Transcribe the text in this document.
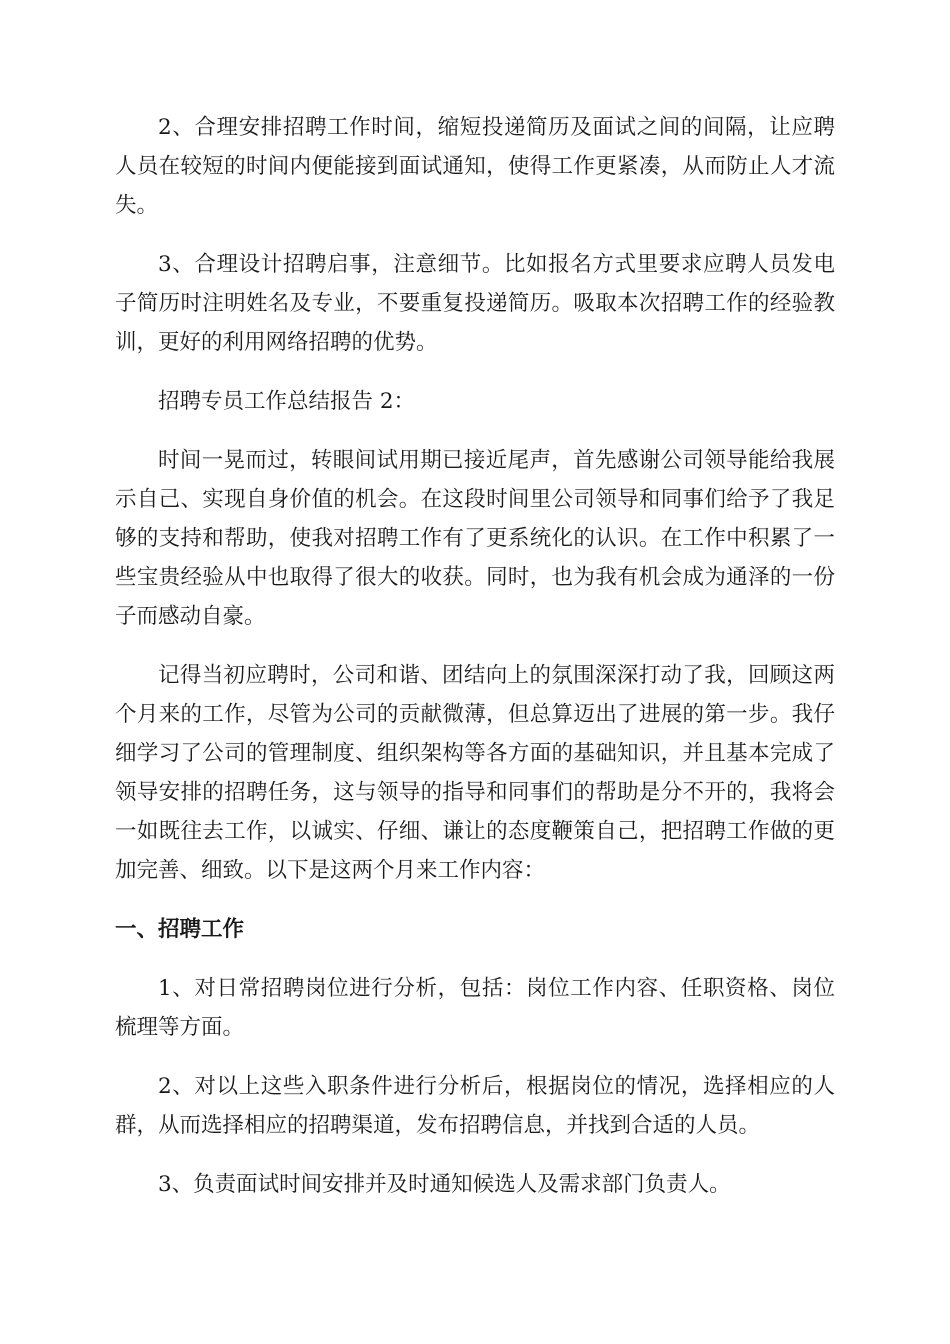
2、合理安排招聘工作时间，缩短投递简历及面试之间的间隔，让应聘人员在较短的时间内便能接到面试通知，使得工作更紧凑，从而防止人才流失。

3、合理设计招聘启事，注意细节。比如报名方式里要求应聘人员发电子简历时注明姓名及专业，不要重复投递简历。吸取本次招聘工作的经验教训，更好的利用网络招聘的优势。

招聘专员工作总结报告 2：

时间一晃而过，转眼间试用期已接近尾声，首先感谢公司领导能给我展示自己、实现自身价值的机会。在这段时间里公司领导和同事们给予了我足够的支持和帮助，使我对招聘工作有了更系统化的认识。在工作中积累了一些宝贵经验从中也取得了很大的收获。同时，也为我有机会成为通泽的一份子而感动自豪。

记得当初应聘时，公司和谐、团结向上的氛围深深打动了我，回顾这两个月来的工作，尽管为公司的贡献微薄，但总算迈出了进展的第一步。我仔细学习了公司的管理制度、组织架构等各方面的基础知识，并且基本完成了领导安排的招聘任务，这与领导的指导和同事们的帮助是分不开的，我将会一如既往去工作，以诚实、仔细、谦让的态度鞭策自己，把招聘工作做的更加完善、细致。以下是这两个月来工作内容：

一、招聘工作

1、对日常招聘岗位进行分析，包括：岗位工作内容、任职资格、岗位梳理等方面。

2、对以上这些入职条件进行分析后，根据岗位的情况，选择相应的人群，从而选择相应的招聘渠道，发布招聘信息，并找到合适的人员。

3、负责面试时间安排并及时通知候选人及需求部门负责人。
